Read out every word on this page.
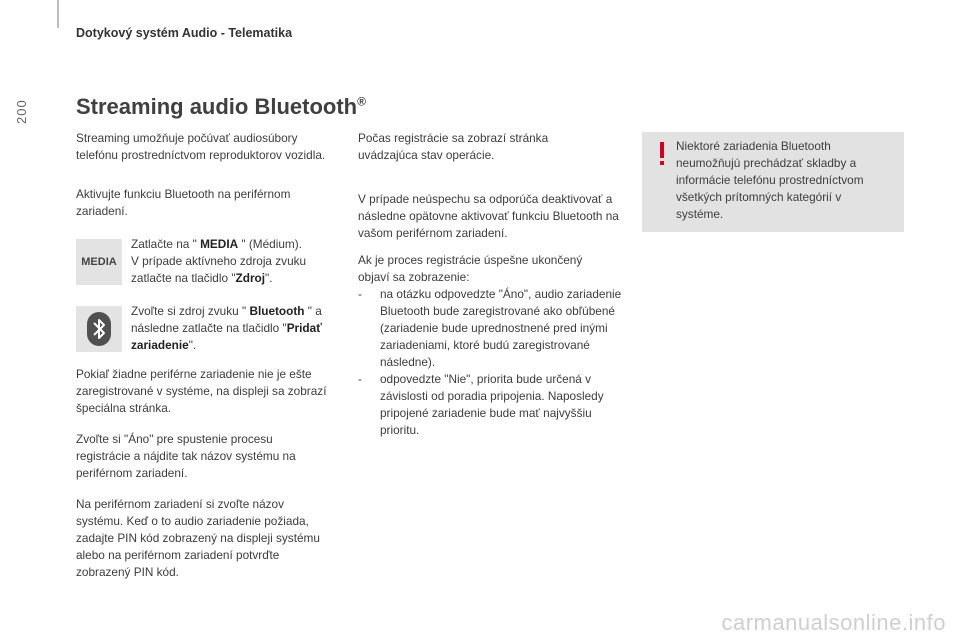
200
Dotykový systém Audio - Telematika
Streaming audio Bluetooth®

Streaming umožňuje počúvať audiosúbory telefónu prostredníctvom reproduktorov vozidla.

Aktivujte funkciu Bluetooth na periférnom zariadení.

MEDIA

Zatlačte na " MEDIA " (Médium).
V prípade aktívneho zdroja zvuku zatlačte na tlačidlo "Zdroj".

Zvoľte si zdroj zvuku " Bluetooth " a následne zatlačte na tlačidlo "Pridať zariadenie".

Pokiaľ žiadne periférne zariadenie nie je ešte zaregistrované v systéme, na displeji sa zobrazí špeciálna stránka.

Zvoľte si "Áno" pre spustenie procesu registrácie a nájdite tak názov systému na periférnom zariadení.

Na periférnom zariadení si zvoľte názov systému. Keď o to audio zariadenie požiada, zadajte PIN kód zobrazený na displeji systému alebo na periférnom zariadení potvrďte zobrazený PIN kód.

Počas registrácie sa zobrazí stránka uvádzajúca stav operácie.

V prípade neúspechu sa odporúča deaktivovať a následne opätovne aktivovať funkciu Bluetooth na vašom periférnom zariadení.

Ak je proces registrácie úspešne ukončený objaví sa zobrazenie:

- na otázku odpovedzte "Áno", audio zariadenie Bluetooth bude zaregistrované ako obľúbené (zariadenie bude uprednostnené pred inými zariadeniami, ktoré budú zaregistrované následne).
- odpovedzte "Nie", priorita bude určená v závislosti od poradia pripojenia. Naposledy pripojené zariadenie bude mať najvyššiu prioritu.
Niektoré zariadenia Bluetooth neumožňujú prechádzať skladby a informácie telefónu prostredníctvom všetkých prítomných kategórií v systéme.
carmanualsonline.info
